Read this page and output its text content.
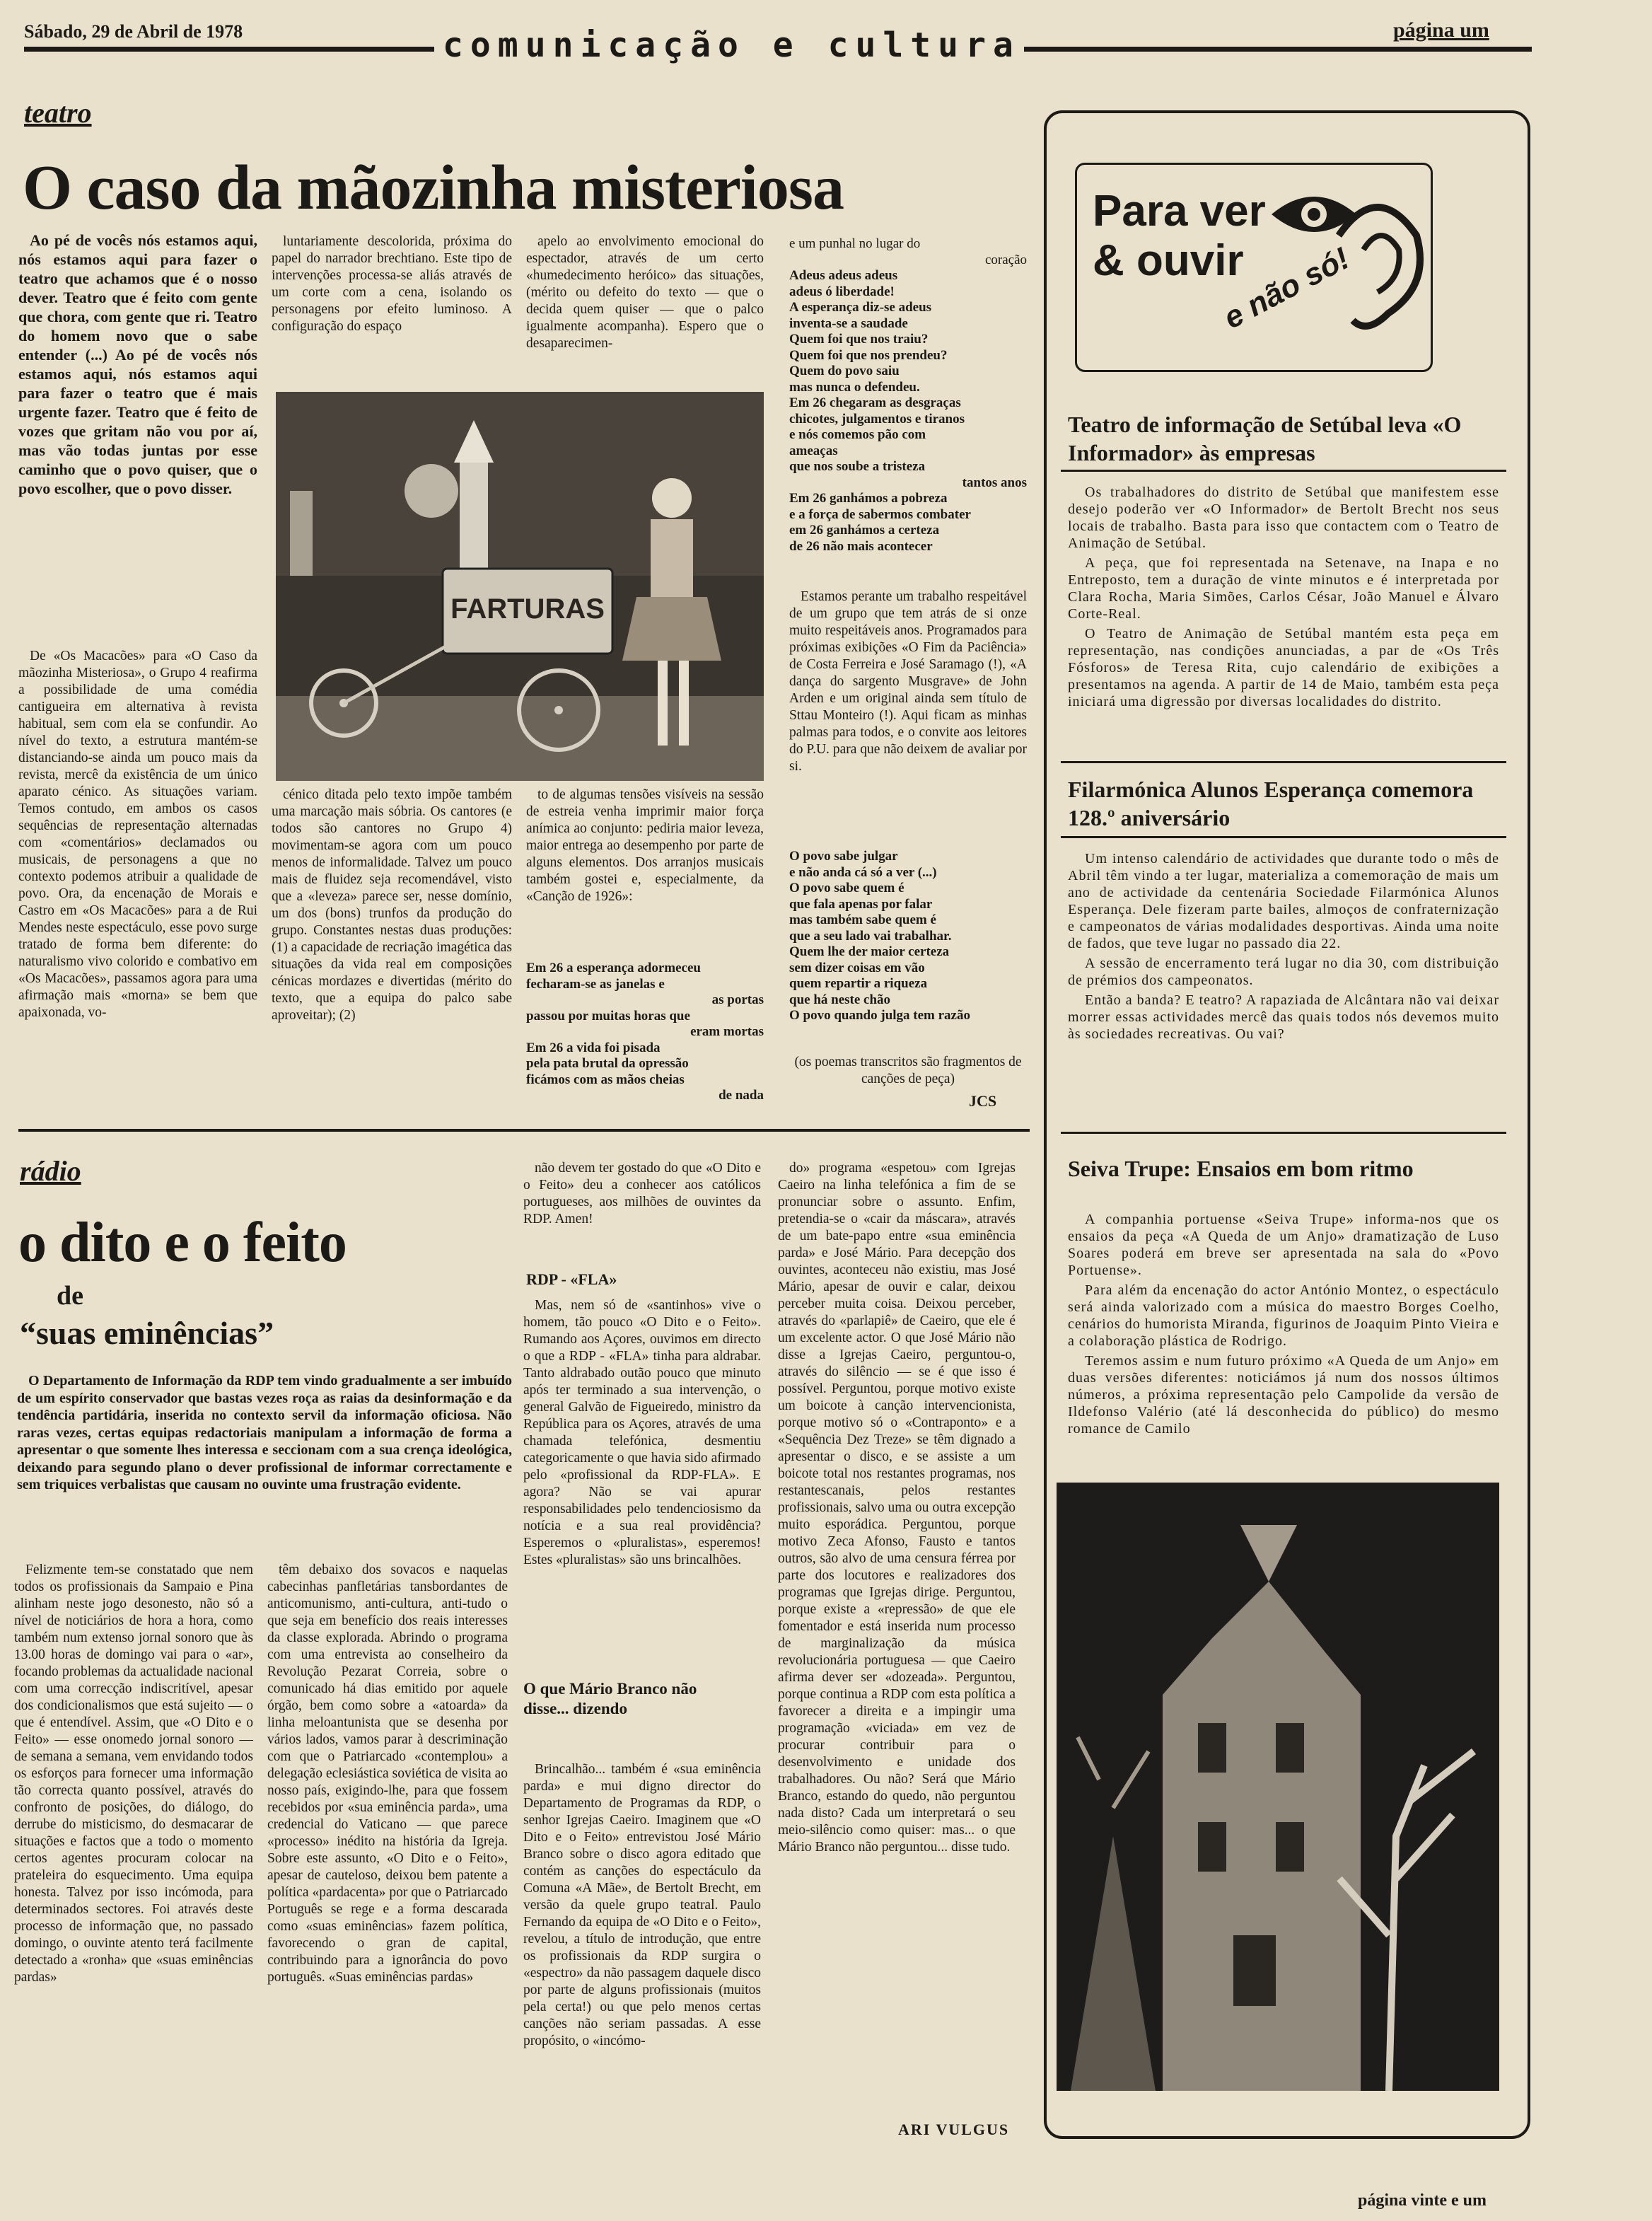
Sábado, 29 de Abril de 1978	comunicação e cultura	página um
teatro
O caso da mãozinha misteriosa

Ao pé de vocês nós estamos aqui, nós estamos aqui para fazer o teatro que achamos que é o nosso dever. Teatro que é feito com gente que chora, com gente que ri. Teatro do homem novo que o sabe entender (...) Ao pé de vocês nós estamos aqui, nós estamos aqui para fazer o teatro que é mais urgente fazer. Teatro que é feito de vozes que gritam não vou por aí, mas vão todas juntas por esse caminho que o povo quiser, que o povo escolher, que o povo disser.

De «Os Macacões» para «O Caso da mãozinha Misteriosa», o Grupo 4 reafirma a possibilidade de uma comédia cantigueira em alternativa à revista habitual, sem com ela se confundir. Ao nível do texto, a estrutura mantém-se distanciando-se ainda um pouco mais da revista, mercê da existência de um único aparato cénico. As situações variam. Temos contudo, em ambos os casos sequências de representação alternadas com «comentários» declamados ou musicais, de personagens a que no contexto podemos atribuir a qualidade de povo. Ora, da encenação de Morais e Castro em «Os Macacões» para a de Rui Mendes neste espectáculo, esse povo surge tratado de forma bem diferente: do naturalismo vivo colorido e combativo em «Os Macacões», passamos agora para uma afirmação mais «morna» se bem que apaixonada, vo-

luntariamente descolorida, próxima do papel do narrador brechtiano. Este tipo de intervenções processa-se aliás através de um corte com a cena, isolando os personagens por efeito luminoso. A configuração do espaço

apelo ao envolvimento emocional do espectador, através de um certo «humedecimento heróico» das situações, (mérito ou defeito do texto — que o decida quem quiser — que o palco igualmente acompanha). Espero que o desaparecimen-

FARTURAS

cénico ditada pelo texto impõe também uma marcação mais sóbria. Os cantores (e todos são cantores no Grupo 4) movimentam-se agora com um pouco menos de informalidade. Talvez um pouco mais de fluidez seja recomendável, visto que a «leveza» parece ser, nesse domínio, um dos (bons) trunfos da produção do grupo. Constantes nestas duas produções: (1) a capacidade de recriação imagética das situações da vida real em composições cénicas mordazes e divertidas (mérito do texto, que a equipa do palco sabe aproveitar); (2)

to de algumas tensões visíveis na sessão de estreia venha imprimir maior força anímica ao conjunto: pediria maior leveza, maior entrega ao desempenho por parte de alguns elementos. Dos arranjos musicais também gostei e, especialmente, da «Canção de 1926»:

Em 26 a esperança adormeceu
fecharam-se as janelas e
as portas
passou por muitas horas que
eram mortas
Em 26 a vida foi pisada
pela pata brutal da opressão
ficámos com as mãos cheias
de nada
e um punhal no lugar do
coração
Adeus adeus adeus
adeus ó liberdade!
A esperança diz-se adeus
inventa-se a saudade
Quem foi que nos traiu?
Quem foi que nos prendeu?
Quem do povo saiu
mas nunca o defendeu.
Em 26 chegaram as desgraças
chicotes, julgamentos e tiranos
e nós comemos pão com
ameaças
que nos soube a tristeza
tantos anos
Em 26 ganhámos a pobreza
e a força de sabermos combater
em 26 ganhámos a certeza
de 26 não mais acontecer

Estamos perante um trabalho respeitável de um grupo que tem atrás de si onze muito respeitáveis anos. Programados para próximas exibições «O Fim da Paciência» de Costa Ferreira e José Saramago (!), «A dança do sargento Musgrave» de John Arden e um original ainda sem título de Sttau Monteiro (!). Aqui ficam as minhas palmas para todos, e o convite aos leitores do P.U. para que não deixem de avaliar por si.

O povo sabe julgar
e não anda cá só a ver (...)
O povo sabe quem é
que fala apenas por falar
mas também sabe quem é
que a seu lado vai trabalhar.
Quem lhe der maior certeza
sem dizer coisas em vão
quem repartir a riqueza
que há neste chão
O povo quando julga tem razão
(os poemas transcritos são fragmentos de canções de peça)
JCS
rádio
o dito e o feito
de
“suas eminências”

O Departamento de Informação da RDP tem vindo gradualmente a ser imbuído de um espírito conservador que bastas vezes roça as raias da desinformação e da tendência partidária, inserida no contexto servil da informação oficiosa. Não raras vezes, certas equipas redactoriais manipulam a informação de forma a apresentar o que somente lhes interessa e seccionam com a sua crença ideológica, deixando para segundo plano o dever profissional de informar correctamente e sem triquices verbalistas que causam no ouvinte uma frustração evidente.

Felizmente tem-se constatado que nem todos os profissionais da Sampaio e Pina alinham neste jogo desonesto, não só a nível de noticiários de hora a hora, como também num extenso jornal sonoro que às 13.00 horas de domingo vai para o «ar», focando problemas da actualidade nacional com uma correcção indiscritível, apesar dos condicionalismos que está sujeito — o que é entendível. Assim, que «O Dito e o Feito» — esse onomedo jornal sonoro — de semana a semana, vem envidando todos os esforços para fornecer uma informação tão correcta quanto possível, através do confronto de posições, do diálogo, do derrube do misticismo, do desmacarar de situações e factos que a todo o momento certos agentes procuram colocar na prateleira do esquecimento. Uma equipa honesta. Talvez por isso incómoda, para determinados sectores. Foi através deste processo de informação que, no passado domingo, o ouvinte atento terá facilmente detectado a «ronha» que «suas eminências pardas»

têm debaixo dos sovacos e naquelas cabecinhas panfletárias tansbordantes de anticomunismo, anti-cultura, anti-tudo o que seja em benefício dos reais interesses da classe explorada. Abrindo o programa com uma entrevista ao conselheiro da Revolução Pezarat Correia, sobre o comunicado há dias emitido por aquele órgão, bem como sobre a «atoarda» da linha meloantunista que se desenha por vários lados, vamos parar à descriminação com que o Patriarcado «contemplou» a delegação eclesiástica soviética de visita ao nosso país, exigindo-lhe, para que fossem recebidos por «sua eminência parda», uma credencial do Vaticano — que parece «processo» inédito na história da Igreja. Sobre este assunto, «O Dito e o Feito», apesar de cauteloso, deixou bem patente a política «pardacenta» por que o Patriarcado Português se rege e a forma descarada como «suas eminências» fazem política, favorecendo o gran de capital, contribuindo para a ignorância do povo português. «Suas eminências pardas»

não devem ter gostado do que «O Dito e o Feito» deu a conhecer aos católicos portugueses, aos milhões de ouvintes da RDP. Amen!

RDP - «FLA»

Mas, nem só de «santinhos» vive o homem, tão pouco «O Dito e o Feito». Rumando aos Açores, ouvimos em directo o que a RDP - «FLA» tinha para aldrabar. Tanto aldrabado outão pouco que minuto após ter terminado a sua intervenção, o general Galvão de Figueiredo, ministro da República para os Açores, através de uma chamada telefónica, desmentiu categoricamente o que havia sido afirmado pelo «profissional da RDP-FLA». E agora? Não se vai apurar responsabilidades pelo tendenciosismo da notícia e a sua real providência? Esperemos o «pluralistas», esperemos! Estes «pluralistas» são uns brincalhões.

O que Mário Branco não disse... dizendo

Brincalhão... também é «sua eminência parda» e mui digno director do Departamento de Programas da RDP, o senhor Igrejas Caeiro. Imaginem que «O Dito e o Feito» entrevistou José Mário Branco sobre o disco agora editado que contém as canções do espectáculo da Comuna «A Mãe», de Bertolt Brecht, em versão da quele grupo teatral. Paulo Fernando da equipa de «O Dito e o Feito», revelou, a título de introdução, que entre os profissionais da RDP surgira o «espectro» da não passagem daquele disco por parte de alguns profissionais (muitos pela certa!) ou que pelo menos certas canções não seriam passadas. A esse propósito, o «incómo-

do» programa «espetou» com Igrejas Caeiro na linha telefónica a fim de se pronunciar sobre o assunto. Enfim, pretendia-se o «cair da máscara», através de um bate-papo entre «sua eminência parda» e José Mário. Para decepção dos ouvintes, aconteceu não existiu, mas José Mário, apesar de ouvir e calar, deixou perceber muita coisa. Deixou perceber, através do «parlapiê» de Caeiro, que ele é um excelente actor. O que José Mário não disse a Igrejas Caeiro, perguntou-o, através do silêncio — se é que isso é possível. Perguntou, porque motivo existe um boicote à canção intervencionista, porque motivo só o «Contraponto» e a «Sequência Dez Treze» se têm dignado a apresentar o disco, e se assiste a um boicote total nos restantes programas, nos restantescanais, pelos restantes profissionais, salvo uma ou outra excepção muito esporádica. Perguntou, porque motivo Zeca Afonso, Fausto e tantos outros, são alvo de uma censura férrea por parte dos locutores e realizadores dos programas que Igrejas dirige. Perguntou, porque existe a «repressão» de que ele fomentador e está inserida num processo de marginalização da música revolucionária portuguesa — que Caeiro afirma dever ser «dozeada». Perguntou, porque continua a RDP com esta política a favorecer a direita e a impingir uma programação «viciada» em vez de procurar contribuir para o desenvolvimento e unidade dos trabalhadores. Ou não? Será que Mário Branco, estando do quedo, não perguntou nada disto? Cada um interpretará o seu meio-silêncio como quiser: mas... o que Mário Branco não perguntou... disse tudo.

ARI VULGUS
Para ver
& ouvir
e não só!
Teatro de informação de Setúbal leva «O Informador» às empresas

Os trabalhadores do distrito de Setúbal que manifestem esse desejo poderão ver «O Informador» de Bertolt Brecht nos seus locais de trabalho. Basta para isso que contactem com o Teatro de Animação de Setúbal.

A peça, que foi representada na Setenave, na Inapa e no Entreposto, tem a duração de vinte minutos e é interpretada por Clara Rocha, Maria Simões, Carlos César, João Manuel e Álvaro Corte-Real.

O Teatro de Animação de Setúbal mantém esta peça em representação, nas condições anunciadas, a par de «Os Três Fósforos» de Teresa Rita, cujo calendário de exibições a presentamos na agenda. A partir de 14 de Maio, também esta peça iniciará uma digressão por diversas localidades do distrito.

Filarmónica Alunos Esperança comemora 128.º aniversário

Um intenso calendário de actividades que durante todo o mês de Abril têm vindo a ter lugar, materializa a comemoração de mais um ano de actividade da centenária Sociedade Filarmónica Alunos Esperança. Dele fizeram parte bailes, almoços de confraternização e campeonatos de várias modalidades desportivas. Ainda uma noite de fados, que teve lugar no passado dia 22.

A sessão de encerramento terá lugar no dia 30, com distribuição de prémios dos campeonatos.

Então a banda? E teatro? A rapaziada de Alcântara não vai deixar morrer essas actividades mercê das quais todos nós devemos muito às sociedades recreativas. Ou vai?

Seiva Trupe: Ensaios em bom ritmo

A companhia portuense «Seiva Trupe» informa-nos que os ensaios da peça «A Queda de um Anjo» dramatização de Luso Soares poderá em breve ser apresentada na sala do «Povo Portuense».

Para além da encenação do actor António Montez, o espectáculo será ainda valorizado com a música do maestro Borges Coelho, cenários do humorista Miranda, figurinos de Joaquim Pinto Vieira e a colaboração plástica de Rodrigo.

Teremos assim e num futuro próximo «A Queda de um Anjo» em duas versões diferentes: noticiámos já num dos nossos últimos números, a próxima representação pelo Campolide da versão de Ildefonso Valério (até lá desconhecida do público) do mesmo romance de Camilo

página vinte e um
